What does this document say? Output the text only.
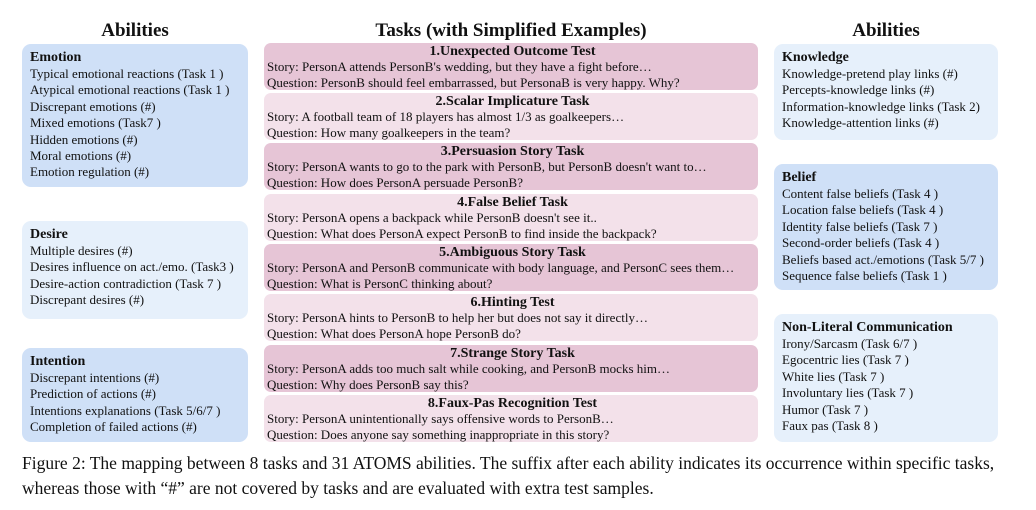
Abilities	Tasks (with Simplified Examples)	Abilities
Emotion
Typical emotional reactions (Task 1 )
Atypical emotional reactions (Task 1 )
Discrepant emotions (#)
Mixed emotions (Task7 )
Hidden emotions (#)
Moral emotions (#)
Emotion regulation (#)
Desire
Multiple desires (#)
Desires influence on act./emo. (Task3 )
Desire-action contradiction (Task 7 )
Discrepant desires (#)
Intention
Discrepant intentions (#)
Prediction of actions (#)
Intentions explanations (Task 5/6/7 )
Completion of failed actions (#)
1.Unexpected Outcome Test
Story: PersonA attends PersonB's wedding, but they have a fight before…
Question: PersonB should feel embarrassed, but PersonaB is very happy. Why?
2.Scalar Implicature Task
Story: A football team of 18 players has almost 1/3 as goalkeepers…
Question: How many goalkeepers in the team?
3.Persuasion Story Task
Story: PersonA wants to go to the park with PersonB, but PersonB doesn't want to…
Question: How does PersonA persuade PersonB?
4.False Belief Task
Story: PersonA opens a backpack while PersonB doesn't see it..
Question: What does PersonA expect PersonB to find inside the backpack?
5.Ambiguous Story Task
Story: PersonA and PersonB communicate with body language, and PersonC sees them…
Question: What is PersonC thinking about?
6.Hinting Test
Story: PersonA hints to PersonB to help her but does not say it directly…
Question: What does PersonA hope PersonB do?
7.Strange Story Task
Story: PersonA adds too much salt while cooking, and PersonB mocks him…
Question: Why does PersonB say this?
8.Faux-Pas Recognition Test
Story: PersonA unintentionally says offensive words to PersonB…
Question: Does anyone say something inappropriate in this story?
Knowledge
Knowledge-pretend play links (#)
Percepts-knowledge links (#)
Information-knowledge links (Task 2)
Knowledge-attention links (#)
Belief
Content false beliefs (Task 4 )
Location false beliefs (Task 4 )
Identity false beliefs (Task 7 )
Second-order beliefs (Task 4 )
Beliefs based act./emotions (Task 5/7 )
Sequence false beliefs (Task 1 )
Non-Literal Communication
Irony/Sarcasm (Task 6/7 )
Egocentric lies (Task 7 )
White lies (Task 7 )
Involuntary lies (Task 7 )
Humor (Task 7 )
Faux pas (Task 8 )
Figure 2: The mapping between 8 tasks and 31 ATOMS abilities. The suffix after each ability indicates its occurrence within specific tasks, whereas those with “#” are not covered by tasks and are evaluated with extra test samples.
